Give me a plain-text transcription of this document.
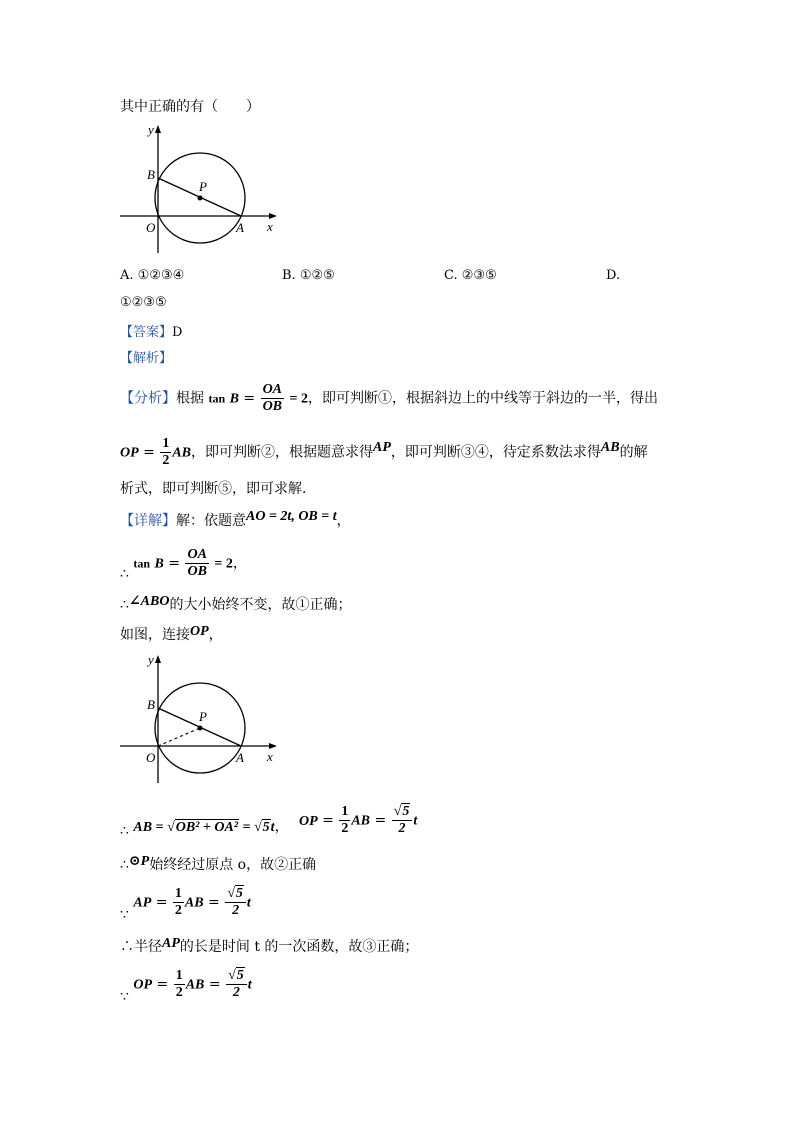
其中正确的有（　　）
y
x
O	A
B
P
A. ①②③④	B. ①②⑤	C. ②③⑤	D.
①②③⑤
【答案】D
【解析】
【分析】根据 $\tan B = \frac{OA}{OB} = 2$，即可判断①，根据斜边上的中线等于斜边的一半，得出
OP = $\frac{1}{2}$ AB，即可判断②，根据题意求得AP，即可判断③④，待定系数法求得AB的解
析式，即可判断⑤，即可求解．
【详解】解：依题意AO = 2t, OB = t，
∴ $\tan B = \frac{OA}{OB} = 2$，
∴∠ABO的大小始终不变，故①正确；
如图，连接OP，
y
x
O	A
B
P
∴ AB = √OB² + OA² = √5t， OP = $\frac{1}{2}$ AB = $\frac{√5}{2}$ t
∴⊙P始终经过原点 o，故②正确
∵ AP = $\frac{1}{2}$ AB = $\frac{√5}{2}$ t
∴半径AP的长是时间 t 的一次函数，故③正确；
∵ OP = $\frac{1}{2}$ AB = $\frac{√5}{2}$ t
